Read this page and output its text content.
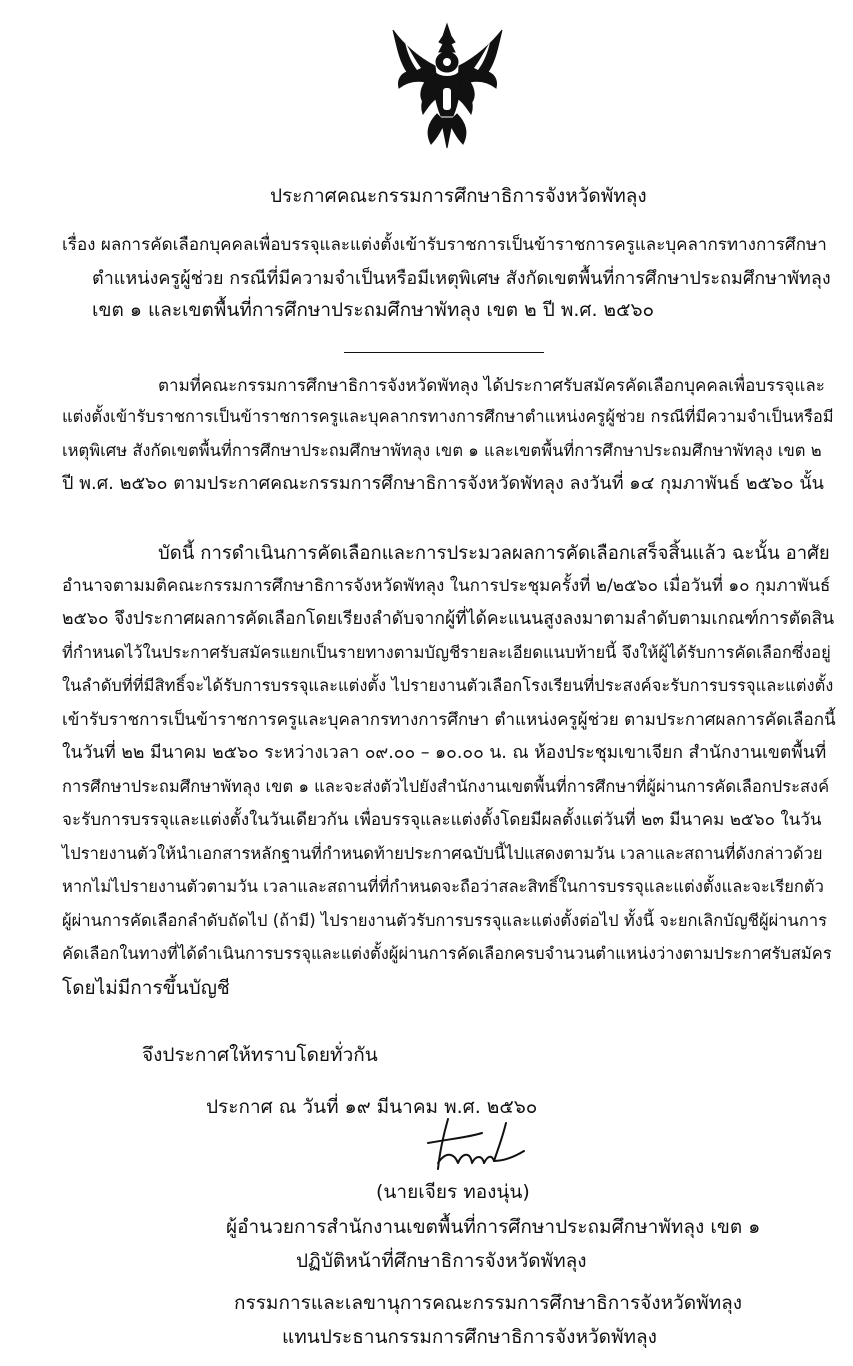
ประกาศคณะกรรมการศึกษาธิการจังหวัดพัทลุง
เรื่อง ผลการคัดเลือกบุคคลเพื่อบรรจุและแต่งตั้งเข้ารับราชการเป็นข้าราชการครูและบุคลากรทางการศึกษา
ตำแหน่งครูผู้ช่วย กรณีที่มีความจำเป็นหรือมีเหตุพิเศษ สังกัดเขตพื้นที่การศึกษาประถมศึกษาพัทลุง
เขต ๑ และเขตพื้นที่การศึกษาประถมศึกษาพัทลุง เขต ๒ ปี พ.ศ. ๒๕๖๐
ตามที่คณะกรรมการศึกษาธิการจังหวัดพัทลุง ได้ประกาศรับสมัครคัดเลือกบุคคลเพื่อบรรจุและ
แต่งตั้งเข้ารับราชการเป็นข้าราชการครูและบุคลากรทางการศึกษาตำแหน่งครูผู้ช่วย กรณีที่มีความจำเป็นหรือมี
เหตุพิเศษ สังกัดเขตพื้นที่การศึกษาประถมศึกษาพัทลุง เขต ๑ และเขตพื้นที่การศึกษาประถมศึกษาพัทลุง เขต ๒
ปี พ.ศ. ๒๕๖๐ ตามประกาศคณะกรรมการศึกษาธิการจังหวัดพัทลุง ลงวันที่ ๑๔ กุมภาพันธ์ ๒๕๖๐ นั้น
บัดนี้ การดำเนินการคัดเลือกและการประมวลผลการคัดเลือกเสร็จสิ้นแล้ว ฉะนั้น อาศัย
อำนาจตามมติคณะกรรมการศึกษาธิการจังหวัดพัทลุง ในการประชุมครั้งที่ ๒/๒๕๖๐ เมื่อวันที่ ๑๐ กุมภาพันธ์
๒๕๖๐ จึงประกาศผลการคัดเลือกโดยเรียงลำดับจากผู้ที่ได้คะแนนสูงลงมาตามลำดับตามเกณฑ์การตัดสิน
ที่กำหนดไว้ในประกาศรับสมัครแยกเป็นรายทางตามบัญชีรายละเอียดแนบท้ายนี้ จึงให้ผู้ได้รับการคัดเลือกซึ่งอยู่
ในลำดับที่ที่มีสิทธิ์จะได้รับการบรรจุและแต่งตั้ง ไปรายงานตัวเลือกโรงเรียนที่ประสงค์จะรับการบรรจุและแต่งตั้ง
เข้ารับราชการเป็นข้าราชการครูและบุคลากรทางการศึกษา ตำแหน่งครูผู้ช่วย ตามประกาศผลการคัดเลือกนี้
ในวันที่ ๒๒ มีนาคม ๒๕๖๐ ระหว่างเวลา ๐๙.๐๐ – ๑๐.๐๐ น. ณ ห้องประชุมเขาเจียก สำนักงานเขตพื้นที่
การศึกษาประถมศึกษาพัทลุง เขต ๑ และจะส่งตัวไปยังสำนักงานเขตพื้นที่การศึกษาที่ผู้ผ่านการคัดเลือกประสงค์
จะรับการบรรจุและแต่งตั้งในวันเดียวกัน เพื่อบรรจุและแต่งตั้งโดยมีผลตั้งแต่วันที่ ๒๓ มีนาคม ๒๕๖๐ ในวัน
ไปรายงานตัวให้นำเอกสารหลักฐานที่กำหนดท้ายประกาศฉบับนี้ไปแสดงตามวัน เวลาและสถานที่ดังกล่าวด้วย
หากไม่ไปรายงานตัวตามวัน เวลาและสถานที่ที่กำหนดจะถือว่าสละสิทธิ์ในการบรรจุและแต่งตั้งและจะเรียกตัว
ผู้ผ่านการคัดเลือกลำดับถัดไป (ถ้ามี) ไปรายงานตัวรับการบรรจุและแต่งตั้งต่อไป ทั้งนี้ จะยกเลิกบัญชีผู้ผ่านการ
คัดเลือกในทางที่ได้ดำเนินการบรรจุและแต่งตั้งผู้ผ่านการคัดเลือกครบจำนวนตำแหน่งว่างตามประกาศรับสมัคร
โดยไม่มีการขึ้นบัญชี
จึงประกาศให้ทราบโดยทั่วกัน
ประกาศ ณ วันที่ ๑๙ มีนาคม พ.ศ. ๒๕๖๐
(นายเจียร ทองนุ่น)
ผู้อำนวยการสำนักงานเขตพื้นที่การศึกษาประถมศึกษาพัทลุง เขต ๑
ปฏิบัติหน้าที่ศึกษาธิการจังหวัดพัทลุง
กรรมการและเลขานุการคณะกรรมการศึกษาธิการจังหวัดพัทลุง
แทนประธานกรรมการศึกษาธิการจังหวัดพัทลุง
